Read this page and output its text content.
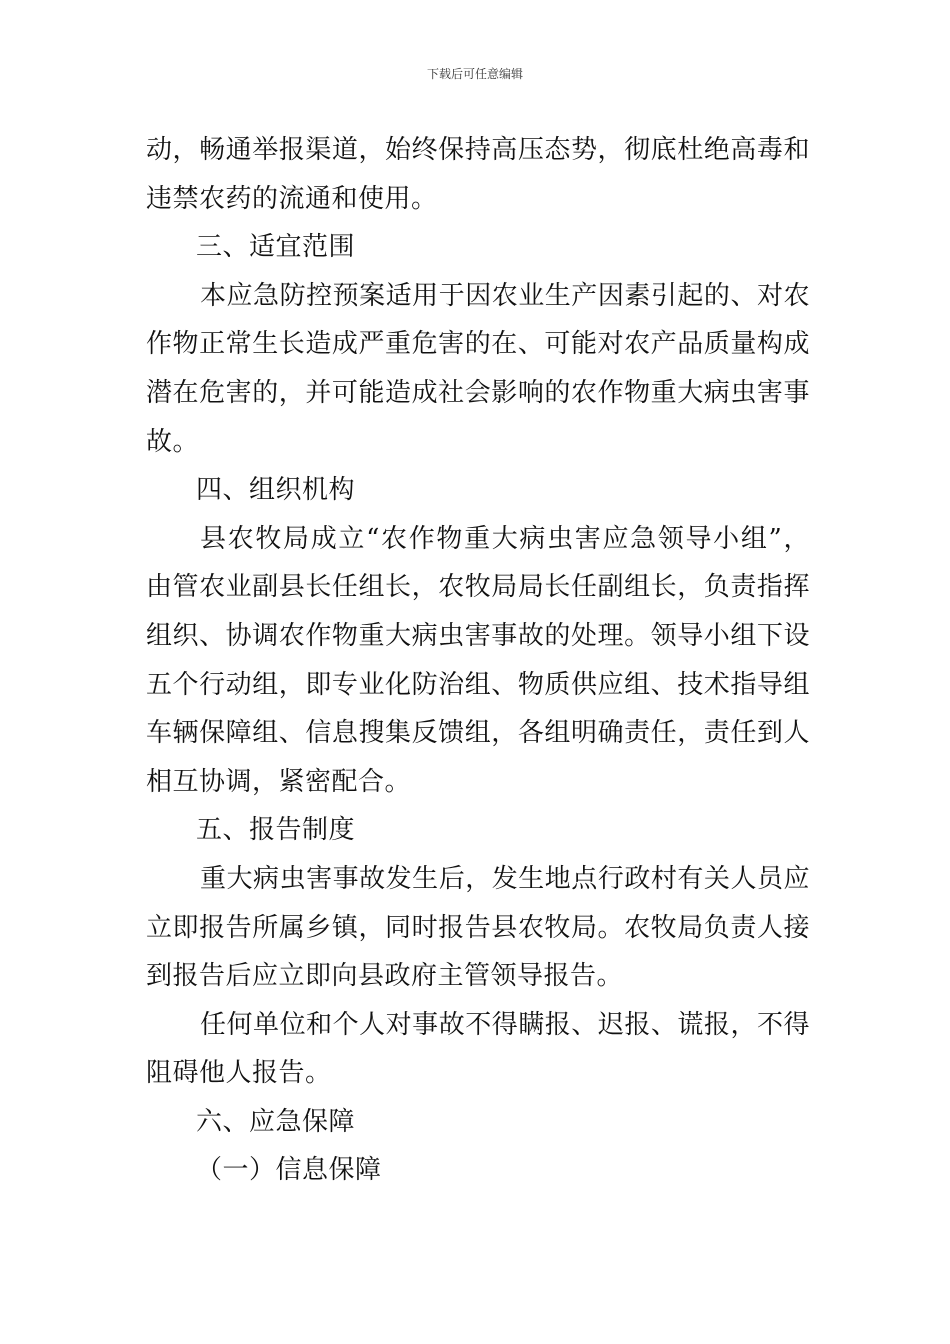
下载后可任意编辑

动，畅通举报渠道，始终保持高压态势，彻底杜绝高毒和违禁农药的流通和使用。

三、适宜范围

本应急防控预案适用于因农业生产因素引起的、对农作物正常生长造成严重危害的在、可能对农产品质量构成潜在危害的，并可能造成社会影响的农作物重大病虫害事故。

四、组织机构

县农牧局成立“农作物重大病虫害应急领导小组”，由管农业副县长任组长，农牧局局长任副组长，负责指挥组织、协调农作物重大病虫害事故的处理。领导小组下设五个行动组，即专业化防治组、物质供应组、技术指导组车辆保障组、信息搜集反馈组，各组明确责任，责任到人相互协调，紧密配合。

五、报告制度

重大病虫害事故发生后，发生地点行政村有关人员应立即报告所属乡镇，同时报告县农牧局。农牧局负责人接到报告后应立即向县政府主管领导报告。

任何单位和个人对事故不得瞒报、迟报、谎报，不得阻碍他人报告。

六、应急保障

（一）信息保障
